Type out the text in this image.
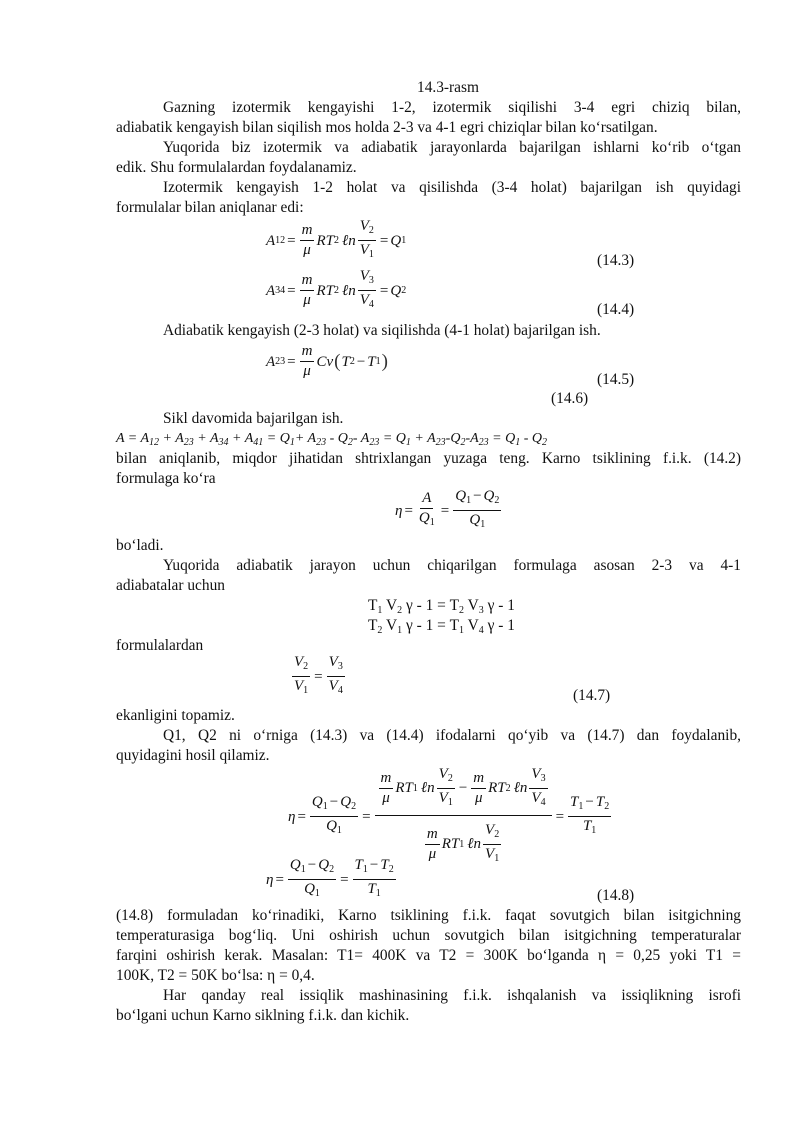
14.3-rasm
Gazning izotermik kengayishi 1-2, izotermik siqilishi 3-4 egri chiziq bilan,
adiabatik kengayish bilan siqilish mos holda 2-3 va 4-1 egri chiziqlar bilan ko‘rsatilgan.
Yuqorida biz izotermik va adiabatik jarayonlarda bajarilgan ishlarni ko‘rib o‘tgan
edik. Shu formulalardan foydalanamiz.
Izotermik kengayish 1-2 holat va qisilishda (3-4 holat) bajarilgan ish quyidagi
formulalar bilan aniqlanar edi:
A $12 = \frac{m}{\mu}$ RT 2 ℓn $\frac{V_2}{V_1} = Q$ 1
(14.3)
A $34 = \frac{m}{\mu}$ RT 2 ℓn $\frac{V_3}{V_4} = Q$ 2
(14.4)
Adiabatik kengayish (2-3 holat) va siqilishda (4-1 holat) bajarilgan ish.
A $23 = \frac{m}{\mu}$ Cv ( T 2 − T 1 )
(14.5)
(14.6)
Sikl davomida bajarilgan ish.
$A = A_{12} + A_{23} + A_{34} + A_{41} = Q_1+ A_{23} - Q_2-$ $A_{23} = Q_1 + A_{23}-Q_2-A_{23} = Q_1 - Q_2$
bilan aniqlanib, miqdor jihatidan shtrixlangan yuzaga teng. Karno tsiklining f.i.k. (14.2)
formulaga ko‘ra
$\eta = \frac{A}{Q_1} = \frac{Q_1 - Q_2}{Q_1}$
bo‘ladi.
Yuqorida adiabatik jarayon uchun chiqarilgan formulaga asosan 2-3 va 4-1
adiabatalar uchun
$T_1$ $V_2$ $\gamma - 1 = T_2$ $V_3$ γ - 1
$T_2$ $V_1$ $\gamma - 1 = T_1$ $V_4$ γ - 1
formulalardan
$\frac{V_2}{V_1} = \frac{V_3}{V_4}$	(14.7)
ekanligini topamiz.
Q1, Q2 ni o‘rniga (14.3) va (14.4) ifodalarni qo‘yib va (14.7) dan foydalanib,
quyidagini hosil qilamiz.
$\eta = \frac{Q_1 - Q_2}{Q_1}$ =
$\frac{m}{\mu}$ RT 1 ℓn $\frac{V_2}{V_1} - \frac{m}{\mu}$ RT 2 ℓn $\frac{V_3}{V_4}$
$\frac{m}{\mu}$ RT 1 ℓn $\frac{V_2}{V_1}$
= $\frac{T_1 - T_2}{T_1}$
$\eta = \frac{Q_1 - Q_2}{Q_1} = \frac{T_1 - T_2}{T_1}$	(14.8)
(14.8) formuladan ko‘rinadiki, Karno tsiklining f.i.k. faqat sovutgich bilan isitgichning
temperaturasiga bog‘liq. Uni oshirish uchun sovutgich bilan isitgichning temperaturalar
farqini oshirish kerak. Masalan: T1= 400K va T2 = 300K bo‘lganda η = 0,25 yoki T1 =
100K, T2 = 50K bo‘lsa: η = 0,4.
Har qanday real issiqlik mashinasining f.i.k. ishqalanish va issiqlikning isrofi
bo‘lgani uchun Karno siklning f.i.k. dan kichik.
